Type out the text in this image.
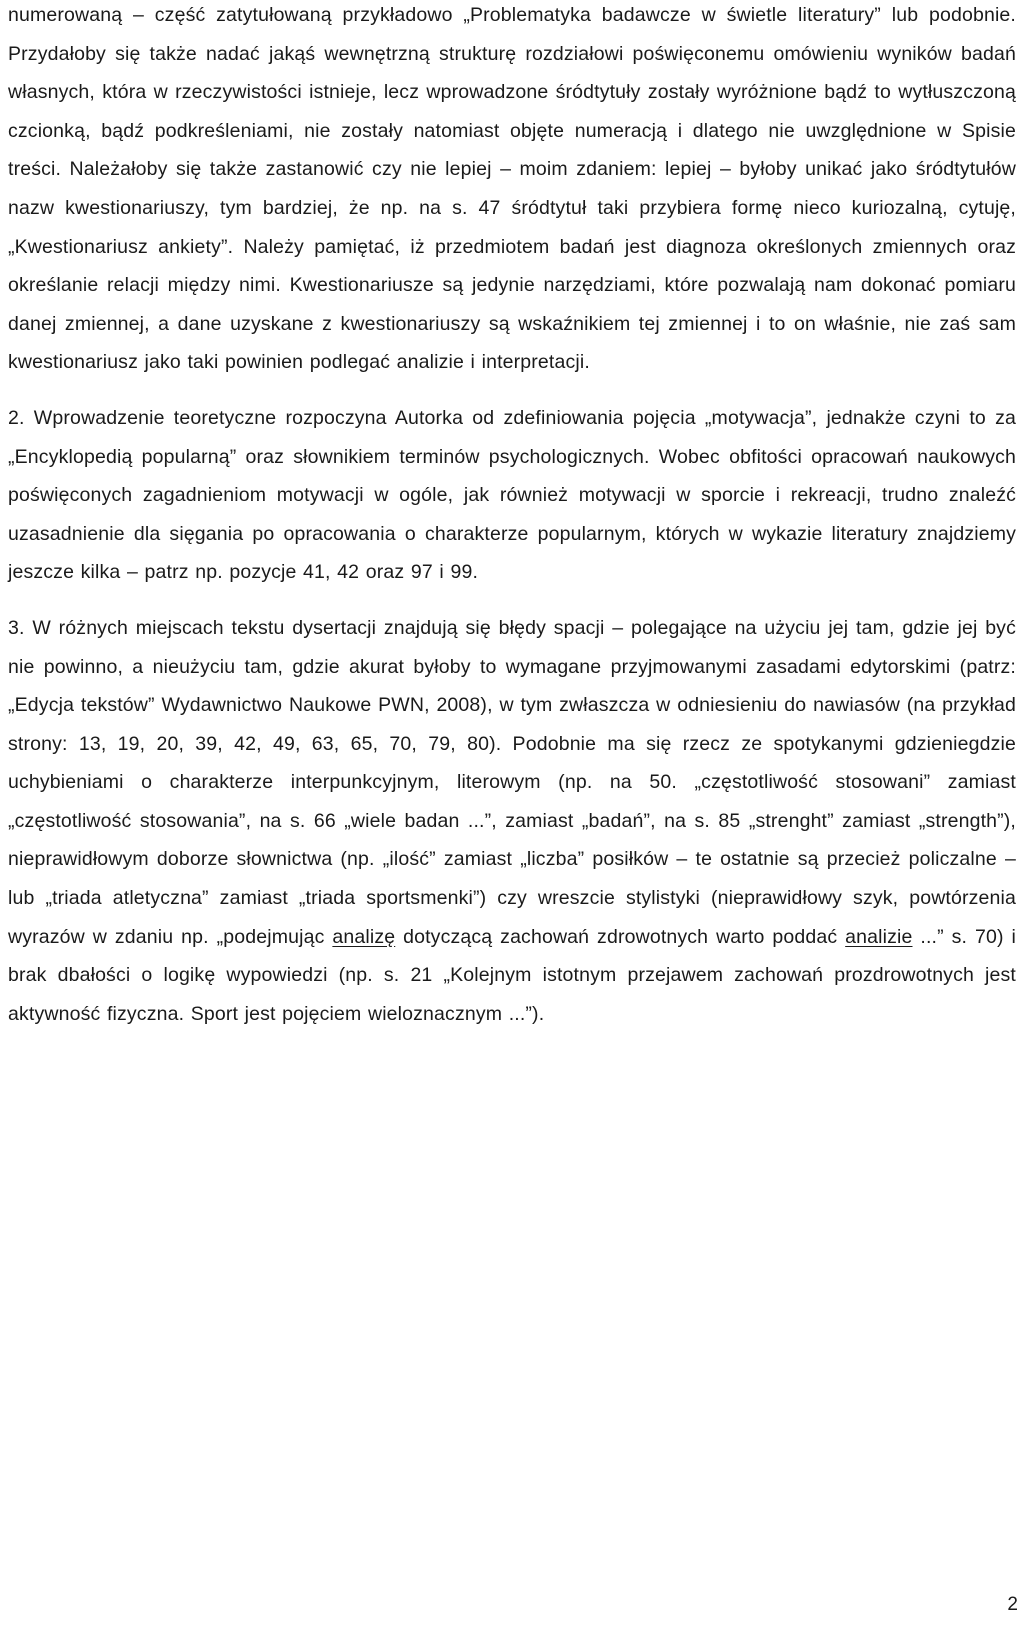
numerowaną – część zatytułowaną przykładowo „Problematyka badawcze w świetle literatury” lub podobnie. Przydałoby się także nadać jakąś wewnętrzną strukturę rozdziałowi poświęconemu omówieniu wyników badań własnych, która w rzeczywistości istnieje, lecz wprowadzone śródtytuły zostały wyróżnione bądź to wytłuszczoną czcionką, bądź podkreśleniami, nie zostały natomiast objęte numeracją i dlatego nie uwzględnione w Spisie treści. Należałoby się także zastanowić czy nie lepiej – moim zdaniem: lepiej – byłoby unikać jako śródtytułów nazw kwestionariuszy, tym bardziej, że np. na s. 47 śródtytuł taki przybiera formę nieco kuriozalną, cytuję, „Kwestionariusz ankiety”. Należy pamiętać, iż przedmiotem badań jest diagnoza określonych zmiennych oraz określanie relacji między nimi. Kwestionariusze są jedynie narzędziami, które pozwalają nam dokonać pomiaru danej zmiennej, a dane uzyskane z kwestionariuszy są wskaźnikiem tej zmiennej i to on właśnie, nie zaś sam kwestionariusz jako taki powinien podlegać analizie i interpretacji.

2. Wprowadzenie teoretyczne rozpoczyna Autorka od zdefiniowania pojęcia „motywacja”, jednakże czyni to za „Encyklopedią popularną” oraz słownikiem terminów psychologicznych. Wobec obfitości opracowań naukowych poświęconych zagadnieniom motywacji w ogóle, jak również motywacji w sporcie i rekreacji, trudno znaleźć uzasadnienie dla sięgania po opracowania o charakterze popularnym, których w wykazie literatury znajdziemy jeszcze kilka – patrz np. pozycje 41, 42 oraz 97 i 99.

3. W różnych miejscach tekstu dysertacji znajdują się błędy spacji – polegające na użyciu jej tam, gdzie jej być nie powinno, a nieużyciu tam, gdzie akurat byłoby to wymagane przyjmowanymi zasadami edytorskimi (patrz: „Edycja tekstów” Wydawnictwo Naukowe PWN, 2008), w tym zwłaszcza w odniesieniu do nawiasów (na przykład strony: 13, 19, 20, 39, 42, 49, 63, 65, 70, 79, 80). Podobnie ma się rzecz ze spotykanymi gdzieniegdzie uchybieniami o charakterze interpunkcyjnym, literowym (np. na 50. „częstotliwość stosowani” zamiast „częstotliwość stosowania”, na s. 66 „wiele badan ...”, zamiast „badań”, na s. 85 „strenght” zamiast „strength”), nieprawidłowym doborze słownictwa (np. „ilość” zamiast „liczba” posiłków – te ostatnie są przecież policzalne – lub „triada atletyczna” zamiast „triada sportsmenki”) czy wreszcie stylistyki (nieprawidłowy szyk, powtórzenia wyrazów w zdaniu np. „podejmując analizę dotyczącą zachowań zdrowotnych warto poddać analizie ...” s. 70) i brak dbałości o logikę wypowiedzi (np. s. 21 „Kolejnym istotnym przejawem zachowań prozdrowotnych jest aktywność fizyczna. Sport jest pojęciem wieloznacznym ...”).

2
